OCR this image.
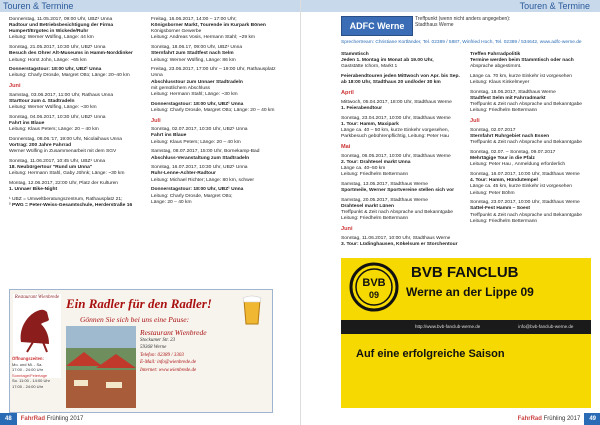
Touren & Termine

Donnerstag, 11.05.2017, 09:00 Uhr, UBZ¹ Unna

Radtour und Betriebsbesichtigung der Firma Humpert/Ergotec in Wickede/Ruhr

Leitung: Werner Wülfing, Länge: 44 km

Sonntag, 21.05.2017, 10:30 Uhr, UBZ¹ Unna

Besuch des Ohrer Alt-Museums in Hamm-Norddinker

Leitung: Horst John, Länge: ~65 km

Donnerstagstour: 18:00 Uhr, UBZ¹ Unna

Leitung: Charly Drosde, Margret Otto; Länge: 20–40 km

Juni

Samstag, 03.06.2017, 11:00 Uhr, Rathaus Unna

Starttour zum 4. Stadtradeln

Leitung: Werner Wülfing, Länge: ~30 km

Sonntag, 04.06.2017, 10:30 Uhr, UBZ¹ Unna

Fahrt ins Blaue

Leitung: Klaus Peters; Länge: 20 – 40 km

Donnerstag, 08.06.'17, 19:00 Uhr, Nicolaihaus Unna

Vortrag: 200 Jahre Fahrrad

Werner Wülfing in Zusammenarbeit mit dem SGV

Sonntag, 11.06.2017, 10:45 Uhr, UBZ¹ Unna

18. Neubürgertour "Rund um Unna"

Leitung: Hermann Stahl, Gaby Jöhnk; Länge: ~30 km

Montag, 12.06.2017, 22:00 Uhr, Platz der Kulturen

1. Unnaer Bike-Night

¹ UBZ = Umweltberatungszentrum, Rathausplatz 21;

² PWG = Peter-Weiss-Gesamtschule, Herderstraße 16

Freitag, 16.06.2017, 14:00 – 17:00 Uhr;

Königsborner Markt, Tourende im Kurpark Bönen

Königsborner Gewerbe

Leitung: Andreas Vosis, Hermann Stahl; ~29 km

Sonntag, 18.06.17, 09:00 Uhr, UBZ¹ Unna

Sternfahrt zum Stadtfest nach Selm

Leitung: Werner Wülfing, Länge: 86 km

Freitag, 23.06.2017, 17:00 Uhr – 19:00 Uhr, Rathausplatz Unna

Abschlusstour zum Unnaer Stadtradeln

mit gemütlichem Abschluss

Leitung: Hermann Stahl; Länge: ~30 km

Donnerstagstour: 18:00 Uhr, UBZ¹ Unna

Leitung: Charly Drosde, Margret Otto; Länge: 20 – 40 km

Juli

Sonntag, 02.07.2017, 10:30 Uhr, UBZ¹ Unna

Fahrt ins Blaue

Leitung: Klaus Peters; Länge: 20 – 40 km

Samstag, 08.07.2017, 15:00 Uhr, Bornekamp-Bad

Abschluss-Veranstaltung zum Stadtradeln

Sonntag, 16.07.2017, 10:30 Uhr, UBZ¹ Unna

Ruhr-Lenne-Achter-Radtour

Leitung: Michael Richter; Länge: 80 km, schwer

Donnerstagstour: 18:00 Uhr, UBZ¹ Unna

Leitung: Charly Drosde, Margret Otto;

Länge: 20 – 40 km

Restaurant Wienbrede
Öffnungszeiten:
Mo. und Mi. - Sa.
17:00 - 24:00 Uhr
Sonntage/Feiertage
So. 11:00 - 14:00 Uhr
17:00 - 24:00 Uhr
Ein Radler für den Radler!
Gönnen Sie sich bei uns eine Pause:
Restaurant Wienbrede
Stockumer Str. 23
59368 Werne
Telefon: 02389 / 3303
E-Mail: info@wienbrede.de
Internet: www.wienbrede.de
48 FahrRad Frühling 2017
Touren & Termine
ADFC Werne
Treffpunkt (wenn nicht anders angegeben):
Stadthaus Werne
Sprechertream: Christiane Kortländer, Tel. 02389 / 5887, Winfried Hoch, Tel. 02389 / 534642, www.adfc-werne.de

Stammtisch

Jeden 1. Montag im Monat ab 19.00 Uhr,

Gaststätte Ichorn, Markt 1

Feierabendtouren jeden Mittwoch von Apr. bis Sep. ab 18:00 Uhr, Stadthaus 20 und/oder 30 km

April

Mittwoch, 05.04.2017, 18:00 Uhr, Stadthaus Werne

1. Feierabendtour

Sonntag, 23.04.2017, 10:00 Uhr, Stadthaus Werne

1. Tour: Hamm, Maxipark

Länge ca. 40 – 50 km, kurze Einkehr vorgesehen,

Parkbesuch gebührenpflichtig, Leitung: Peter Hau

Mai

Sonntag, 06.05.2017, 10:00 Uhr, Stadthaus Werne

2. Tour: Drahtesel markt Unna

Länge ca. 40–50 km

Leitung: Friedhelm Bettermann

Samstag, 13.05.2017, Stadthaus Werne

Sportmeile, Werner Sportvereine stellen sich vor

Samstag, 20.05.2017, Stadthaus Werne

Drahtesel markt Lünen

Treffpunkt & Zeit nach Absprache und Bekanntgabe

Leitung: Friedhelm Bettermann

Juni

Sonntag, 11.06.2017, 10:00 Uhr, Stadthaus Werne

3. Tour: Lüdinghausen, Kökelsum er Storchentour

Treffen Fahrradpolitik

Termine werden beim Stammtisch oder nach

Absprache abgestimmt.

Länge ca. 70 km, kurze Einkehr ist vorgesehen

Leitung: Klaus Kinkelmeyer

Sonntag, 18.06.2017, Stadthaus Werne

Stadtfest Selm mit Fahrradmarkt

Treffpunkt & Zeit nach Absprache und Bekanntgabe

Leitung: Friedhelm Bettermann

Juli

Sonntag, 02.07.2017

Sternfahrt Ruhrgebiet nach Essen

Treffpunkt & Zeit nach Absprache und Bekanntgabe

Sonntag, 02.07. – Sonntag, 09.07.2017

Mehrtägige Tour in die Pfalz

Leitung: Peter Hau , Anmeldung erforderlich

Sonntag, 16.07.2017, 10:00 Uhr, Stadthaus Werne

4. Tour: Hamm, Hündutempel

Länge ca. 45 km, kurze Einkehr ist vorgesehen

Leitung: Peter Böhm

Sonntag, 23.07.2017, 10:00 Uhr, Stadthaus Werne

Sattel-Fest Hamm – Soest

Treffpunkt & Zeit nach Absprache und Bekanntgabe

Leitung: Friedhelm Bettermann

BVB
09
BVB FANCLUB
Werne an der Lippe 09
http://www.bvb-fanclub-werne.de	info@bvb-fanclub-werne.de
Auf eine erfolgreiche Saison
FahrRad Frühling 2017 49
